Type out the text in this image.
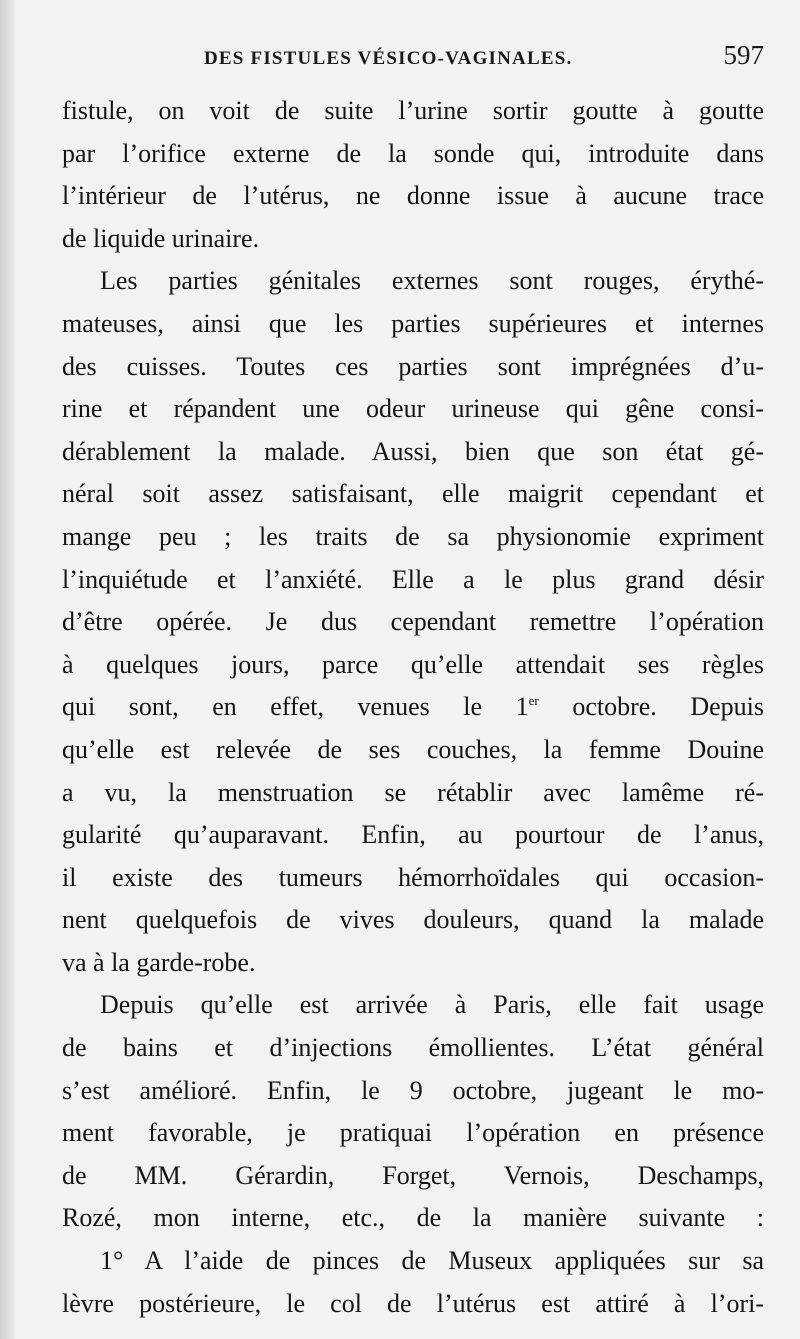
DES FISTULES VÉSICO-VAGINALES.	597
fistule, on voit de suite l’urine sortir goutte à goutte
par l’orifice externe de la sonde qui, introduite dans
l’intérieur de l’utérus, ne donne issue à aucune trace
de liquide urinaire.
Les parties génitales externes sont rouges, érythé-
mateuses, ainsi que les parties supérieures et internes
des cuisses. Toutes ces parties sont imprégnées d’u-
rine et répandent une odeur urineuse qui gêne consi-
dérablement la malade. Aussi, bien que son état gé-
néral soit assez satisfaisant, elle maigrit cependant et
mange peu ; les traits de sa physionomie expriment
l’inquiétude et l’anxiété. Elle a le plus grand désir
d’être opérée. Je dus cependant remettre l’opération
à quelques jours, parce qu’elle attendait ses règles
qui sont, en effet, venues le 1er octobre. Depuis
qu’elle est relevée de ses couches, la femme Douine
a vu, la menstruation se rétablir avec lamême ré-
gularité qu’auparavant. Enfin, au pourtour de l’anus,
il existe des tumeurs hémorrhoïdales qui occasion-
nent quelquefois de vives douleurs, quand la malade
va à la garde-robe.
Depuis qu’elle est arrivée à Paris, elle fait usage
de bains et d’injections émollientes. L’état général
s’est amélioré. Enfin, le 9 octobre, jugeant le mo-
ment favorable, je pratiquai l’opération en présence
de MM. Gérardin, Forget, Vernois, Deschamps,
Rozé, mon interne, etc., de la manière suivante :
1° A l’aide de pinces de Museux appliquées sur sa
lèvre postérieure, le col de l’utérus est attiré à l’ori-
